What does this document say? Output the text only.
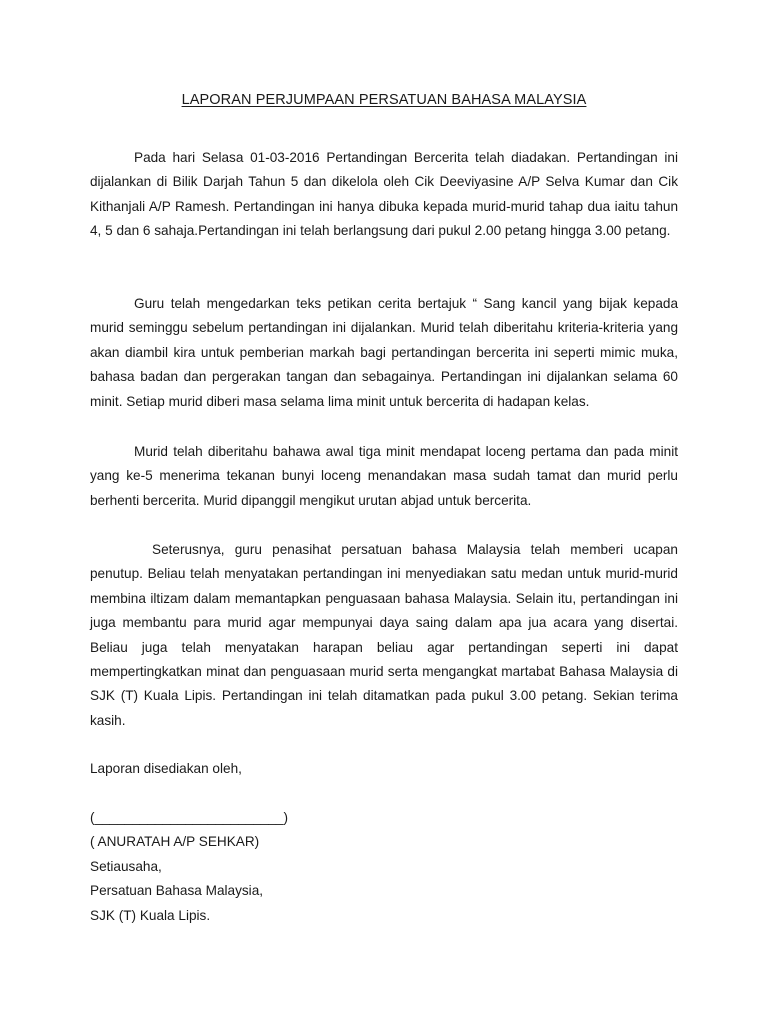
LAPORAN PERJUMPAAN PERSATUAN BAHASA MALAYSIA

Pada hari Selasa 01-03-2016 Pertandingan Bercerita telah diadakan. Pertandingan ini dijalankan di Bilik Darjah Tahun 5 dan dikelola oleh Cik Deeviyasine A/P Selva Kumar dan Cik Kithanjali A/P Ramesh. Pertandingan ini hanya dibuka kepada murid-murid tahap dua iaitu tahun 4, 5 dan 6 sahaja.Pertandingan ini telah berlangsung dari pukul 2.00 petang hingga 3.00 petang.

Guru telah mengedarkan teks petikan cerita bertajuk “ Sang kancil yang bijak kepada murid seminggu sebelum pertandingan ini dijalankan. Murid telah diberitahu kriteria-kriteria yang akan diambil kira untuk pemberian markah bagi pertandingan bercerita ini seperti mimic muka, bahasa badan dan pergerakan tangan dan sebagainya. Pertandingan ini dijalankan selama 60 minit. Setiap murid diberi masa selama lima minit untuk bercerita di hadapan kelas.

Murid telah diberitahu bahawa awal tiga minit mendapat loceng pertama dan pada minit yang ke-5 menerima tekanan bunyi loceng menandakan masa sudah tamat dan murid perlu berhenti bercerita. Murid dipanggil mengikut urutan abjad untuk bercerita.

Seterusnya, guru penasihat persatuan bahasa Malaysia telah memberi ucapan penutup. Beliau telah menyatakan pertandingan ini menyediakan satu medan untuk murid-murid membina iltizam dalam memantapkan penguasaan bahasa Malaysia. Selain itu, pertandingan ini juga membantu para murid agar mempunyai daya saing dalam apa jua acara yang disertai. Beliau juga telah menyatakan harapan beliau agar pertandingan seperti ini dapat mempertingkatkan minat dan penguasaan murid serta mengangkat martabat Bahasa Malaysia di SJK (T) Kuala Lipis. Pertandingan ini telah ditamatkan pada pukul 3.00 petang. Sekian terima kasih.

Laporan disediakan oleh,

(_________________________)

( ANURATAH A/P SEHKAR)

Setiausaha,

Persatuan Bahasa Malaysia,

SJK (T) Kuala Lipis.
